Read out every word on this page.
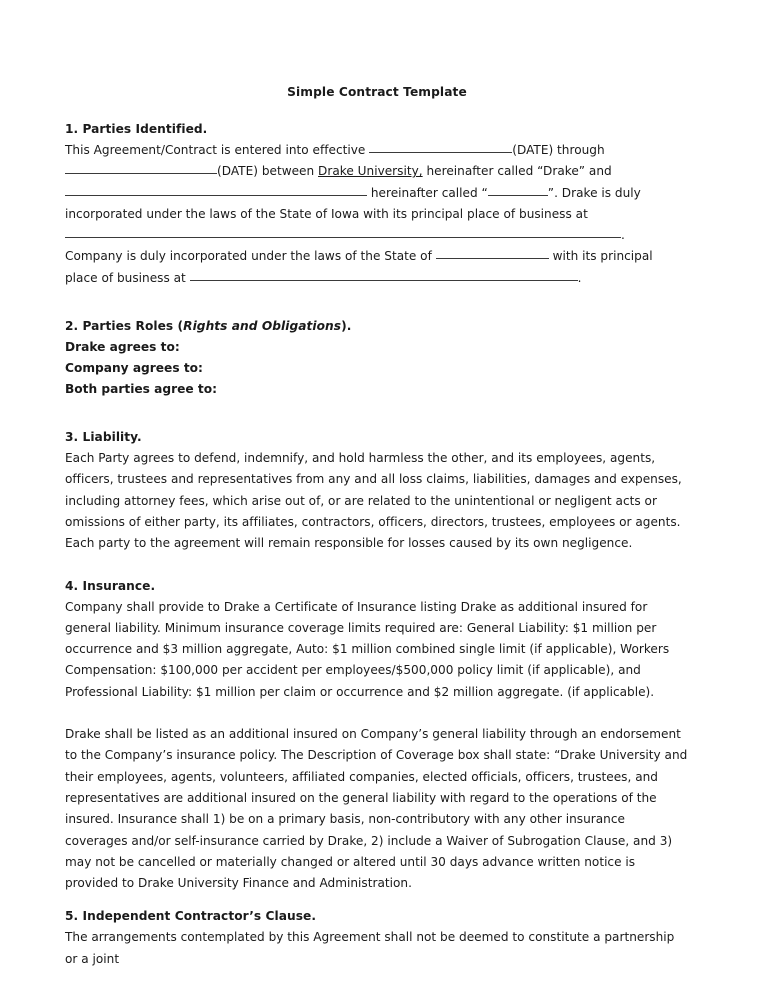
Simple Contract Template
1. Parties Identified.

This Agreement/Contract is entered into effective	(DATE) through
(DATE) between Drake University, hereinafter called “Drake” and
hereinafter called “	”. Drake is duly incorporated under the laws of the State of Iowa with its principal place of business at
.

Company is duly incorporated under the laws of the State of	with its principal place of business at	.

2. Parties Roles (Rights and Obligations).
Drake agrees to:
Company agrees to:
Both parties agree to:
3. Liability.

Each Party agrees to defend, indemnify, and hold harmless the other, and its employees, agents, officers, trustees and representatives from any and all loss claims, liabilities, damages and expenses, including attorney fees, which arise out of, or are related to the unintentional or negligent acts or omissions of either party, its affiliates, contractors, officers, directors, trustees, employees or agents. Each party to the agreement will remain responsible for losses caused by its own negligence.

4. Insurance.

Company shall provide to Drake a Certificate of Insurance listing Drake as additional insured for general liability. Minimum insurance coverage limits required are: General Liability: $1 million per occurrence and $3 million aggregate, Auto: $1 million combined single limit (if applicable), Workers Compensation: $100,000 per accident per employees/$500,000 policy limit (if applicable), and Professional Liability: $1 million per claim or occurrence and $2 million aggregate. (if applicable).

Drake shall be listed as an additional insured on Company’s general liability through an endorsement to the Company’s insurance policy. The Description of Coverage box shall state: “Drake University and their employees, agents, volunteers, affiliated companies, elected officials, officers, trustees, and representatives are additional insured on the general liability with regard to the operations of the insured. Insurance shall 1) be on a primary basis, non-contributory with any other insurance coverages and/or self-insurance carried by Drake, 2) include a Waiver of Subrogation Clause, and 3) may not be cancelled or materially changed or altered until 30 days advance written notice is provided to Drake University Finance and Administration.

5. Independent Contractor’s Clause.

The arrangements contemplated by this Agreement shall not be deemed to constitute a partnership or a joint
